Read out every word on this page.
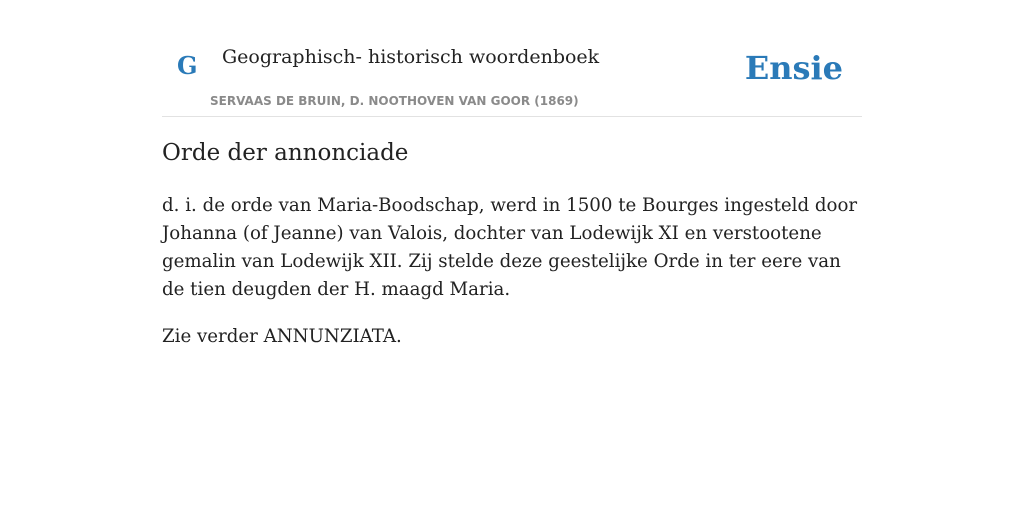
G Geographisch- historisch woordenboek
SERVAAS DE BRUIN, D. NOOTHOVEN VAN GOOR (1869)
Ensie
Orde der annonciade

d. i. de orde van Maria-Boodschap, werd in 1500 te Bourges ingesteld door Johanna (of Jeanne) van Valois, dochter van Lodewijk XI en verstootene gemalin van Lodewijk XII. Zij stelde deze geestelijke Orde in ter eere van de tien deugden der H. maagd Maria.

Zie verder ANNUNZIATA.
